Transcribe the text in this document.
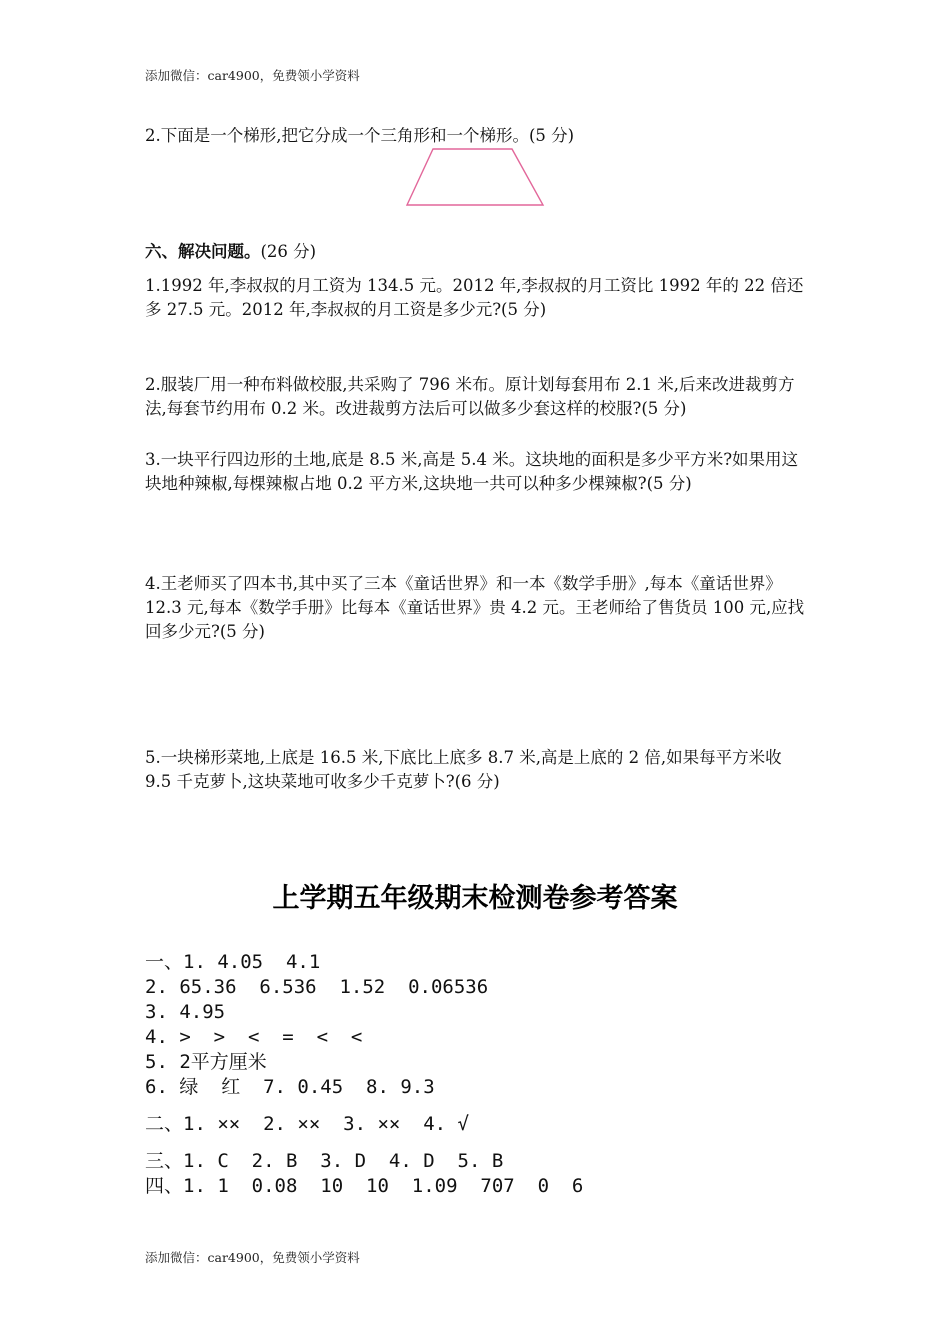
添加微信：car4900，免费领小学资料
2.下面是一个梯形,把它分成一个三角形和一个梯形。(5 分)
六、解决问题。(26 分)
1.1992 年,李叔叔的月工资为 134.5 元。2012 年,李叔叔的月工资比 1992 年的 22 倍还多 27.5 元。2012 年,李叔叔的月工资是多少元?(5 分)
2.服装厂用一种布料做校服,共采购了 796 米布。原计划每套用布 2.1 米,后来改进裁剪方法,每套节约用布 0.2 米。改进裁剪方法后可以做多少套这样的校服?(5 分)
3.一块平行四边形的土地,底是 8.5 米,高是 5.4 米。这块地的面积是多少平方米?如果用这块地种辣椒,每棵辣椒占地 0.2 平方米,这块地一共可以种多少棵辣椒?(5 分)
4.王老师买了四本书,其中买了三本《童话世界》和一本《数学手册》,每本《童话世界》12.3 元,每本《数学手册》比每本《童话世界》贵 4.2 元。王老师给了售货员 100 元,应找回多少元?(5 分)
5.一块梯形菜地,上底是 16.5 米,下底比上底多 8.7 米,高是上底的 2 倍,如果每平方米收 9.5 千克萝卜,这块菜地可收多少千克萝卜?(6 分)
上学期五年级期末检测卷参考答案
一、1. 4.05  4.1
2. 65.36  6.536  1.52  0.06536
3. 4.95
4. >  >  <  =  <  <
5. 2平方厘米
6. 绿  红  7. 0.45  8. 9.3
二、1. ××  2. ××  3. ××  4. √
三、1. C  2. B  3. D  4. D  5. B
四、1. 1  0.08  10  10  1.09  707  0  6
添加微信：car4900，免费领小学资料
